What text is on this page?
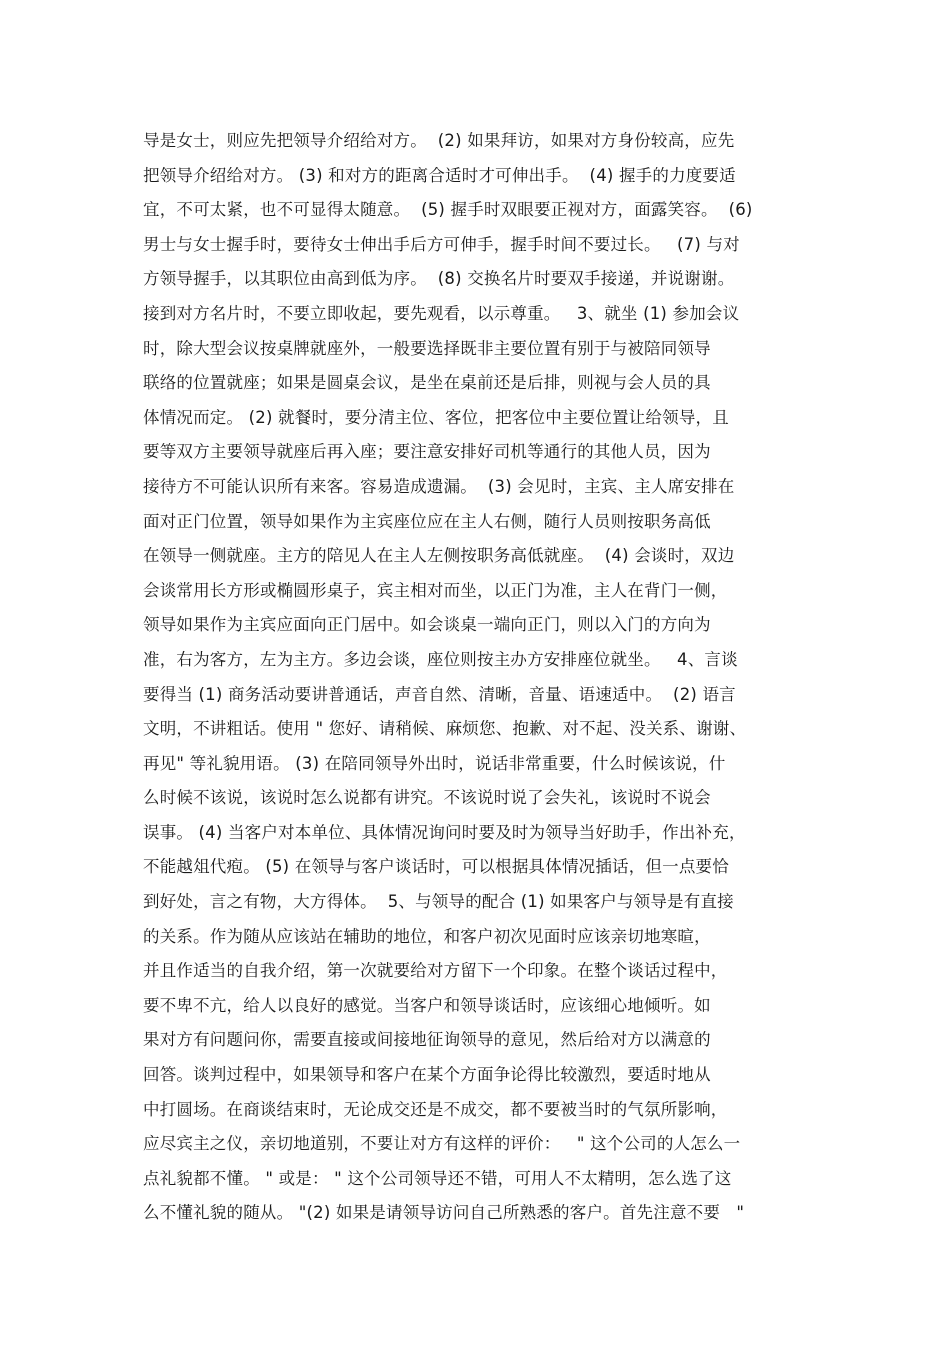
导是女士，则应先把领导介绍给对方。  (2) 如果拜访，如果对方身份较高，应先
把领导介绍给对方。 (3) 和对方的距离合适时才可伸出手。  (4) 握手的力度要适
宜，不可太紧，也不可显得太随意。  (5) 握手时双眼要正视对方，面露笑容。  (6)
男士与女士握手时，要待女士伸出手后方可伸手，握手时间不要过长。   (7) 与对
方领导握手，以其职位由高到低为序。  (8) 交换名片时要双手接递，并说谢谢。
接到对方名片时，不要立即收起，要先观看，以示尊重。   3、就坐 (1) 参加会议
时，除大型会议按桌牌就座外，一般要选择既非主要位置有别于与被陪同领导
联络的位置就座；如果是圆桌会议，是坐在桌前还是后排，则视与会人员的具
体情况而定。 (2) 就餐时，要分清主位、客位，把客位中主要位置让给领导，且
要等双方主要领导就座后再入座；要注意安排好司机等通行的其他人员，因为
接待方不可能认识所有来客。容易造成遗漏。  (3) 会见时，主宾、主人席安排在
面对正门位置，领导如果作为主宾座位应在主人右侧，随行人员则按职务高低
在领导一侧就座。主方的陪见人在主人左侧按职务高低就座。  (4) 会谈时，双边
会谈常用长方形或椭圆形桌子，宾主相对而坐，以正门为准，主人在背门一侧，
领导如果作为主宾应面向正门居中。如会谈桌一端向正门，则以入门的方向为
准，右为客方，左为主方。多边会谈，座位则按主办方安排座位就坐。   4、言谈
要得当 (1) 商务活动要讲普通话，声音自然、清晰，音量、语速适中。  (2) 语言
文明，不讲粗话。使用 " 您好、请稍候、麻烦您、抱歉、对不起、没关系、谢谢、
再见" 等礼貌用语。 (3) 在陪同领导外出时，说话非常重要，什么时候该说，什
么时候不该说，该说时怎么说都有讲究。不该说时说了会失礼，该说时不说会
误事。 (4) 当客户对本单位、具体情况询问时要及时为领导当好助手，作出补充，
不能越俎代疱。 (5) 在领导与客户谈话时，可以根据具体情况插话，但一点要恰
到好处，言之有物，大方得体。  5、与领导的配合 (1) 如果客户与领导是有直接
的关系。作为随从应该站在辅助的地位，和客户初次见面时应该亲切地寒暄，
并且作适当的自我介绍，第一次就要给对方留下一个印象。在整个谈话过程中，
要不卑不亢，给人以良好的感觉。当客户和领导谈话时，应该细心地倾听。如
果对方有问题问你，需要直接或间接地征询领导的意见，然后给对方以满意的
回答。谈判过程中，如果领导和客户在某个方面争论得比较激烈，要适时地从
中打圆场。在商谈结束时，无论成交还是不成交，都不要被当时的气氛所影响，
应尽宾主之仪，亲切地道别，不要让对方有这样的评价：   " 这个公司的人怎么一
点礼貌都不懂。 " 或是： " 这个公司领导还不错，可用人不太精明，怎么选了这
么不懂礼貌的随从。 "(2) 如果是请领导访问自己所熟悉的客户。首先注意不要   "
